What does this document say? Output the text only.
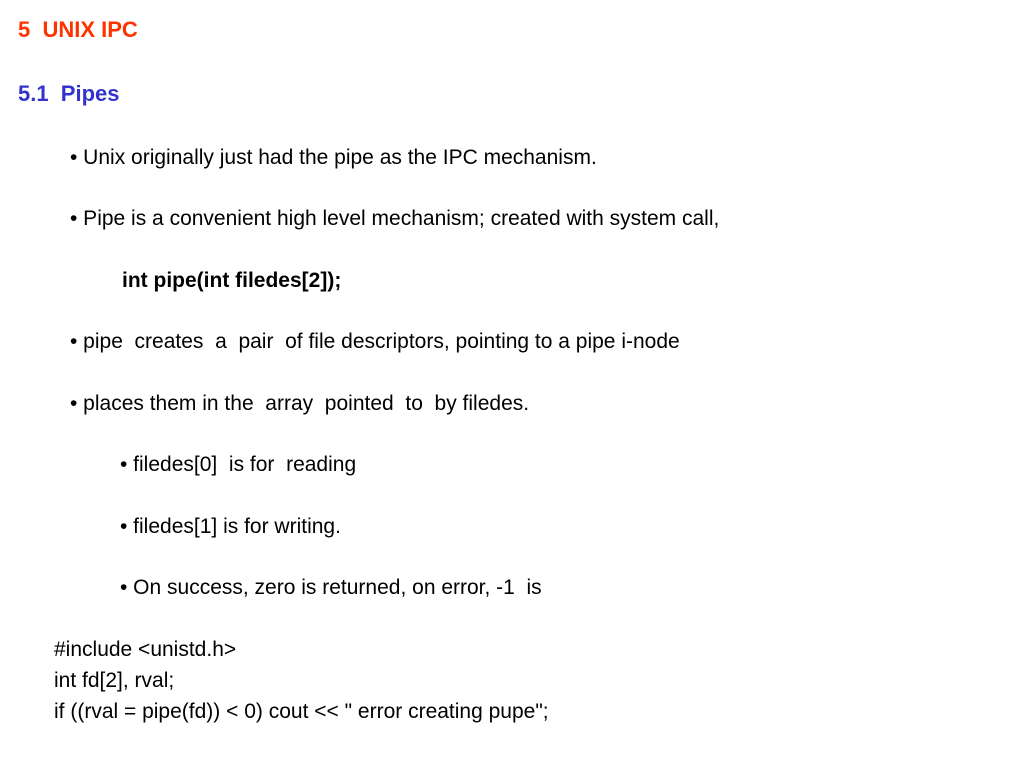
5  UNIX IPC
5.1  Pipes
• Unix originally just had the pipe as the IPC mechanism.
• Pipe is a convenient high level mechanism; created with system call,
int pipe(int filedes[2]);
• pipe  creates  a  pair  of file descriptors, pointing to a pipe i-node
• places them in the  array  pointed  to  by filedes.
• filedes[0]  is for  reading
• filedes[1] is for writing.
• On success, zero is returned, on error, -1  is
#include <unistd.h>
int fd[2], rval;
if ((rval = pipe(fd)) < 0) cout << " error creating pupe";
